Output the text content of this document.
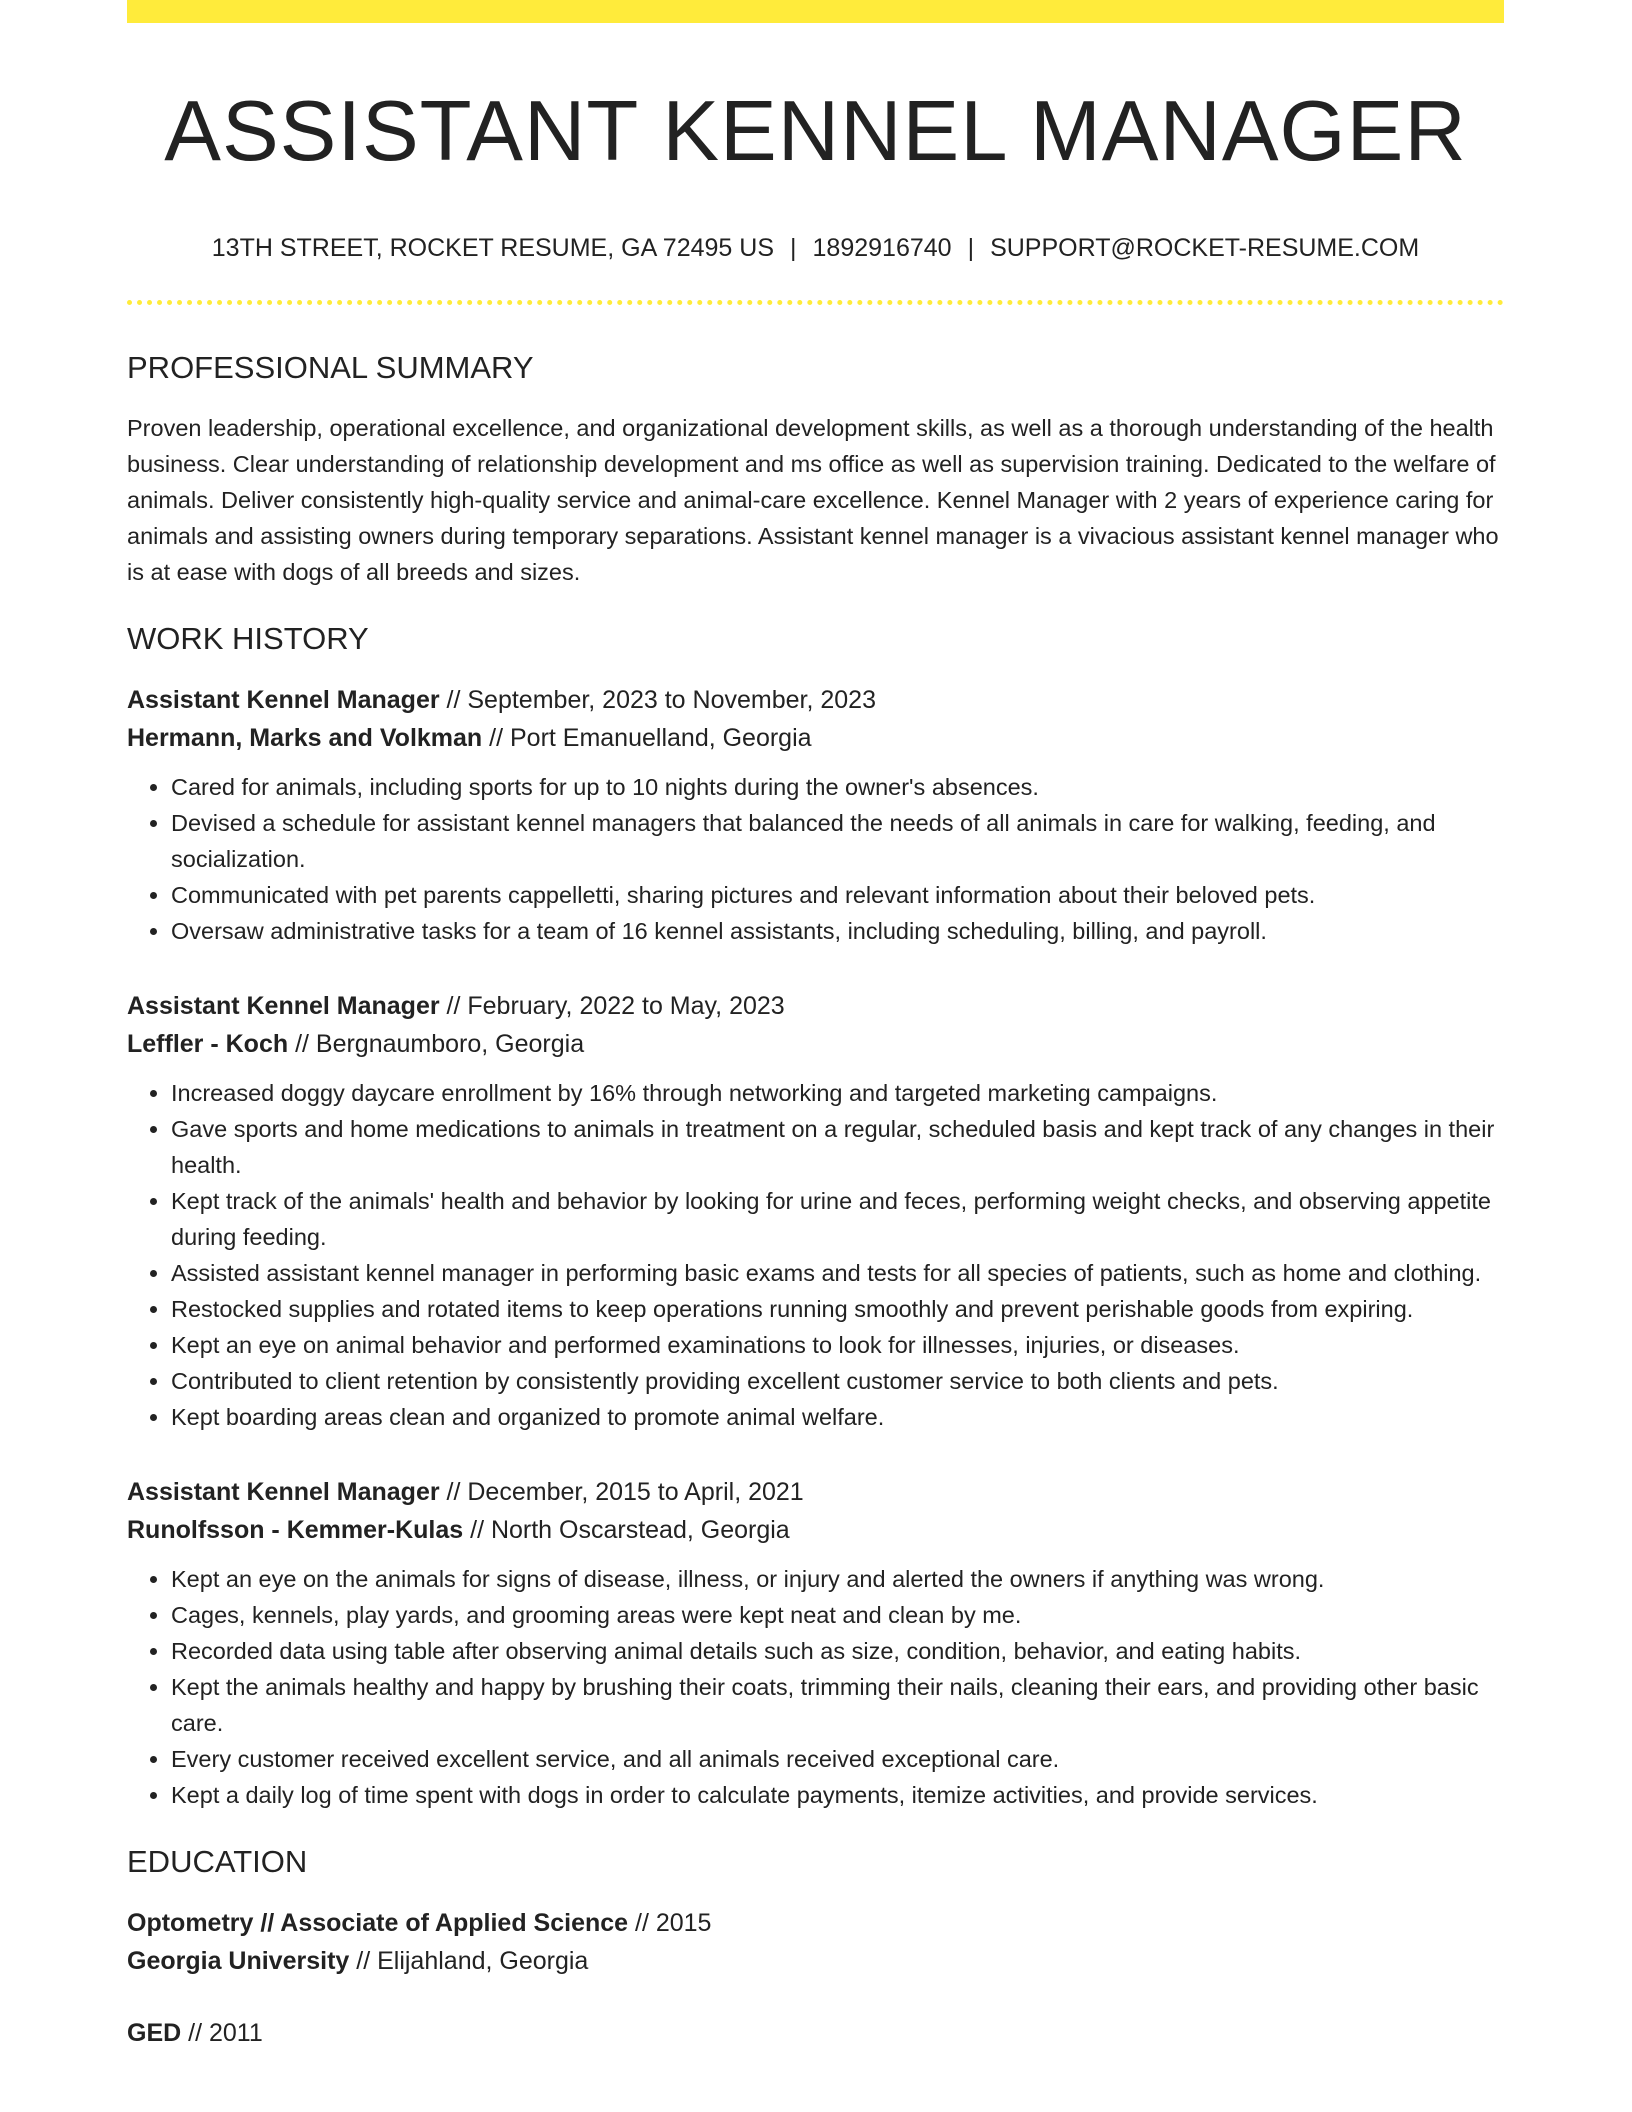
ASSISTANT KENNEL MANAGER
13TH STREET, ROCKET RESUME, GA 72495 US | 1892916740 | SUPPORT@ROCKET-RESUME.COM
PROFESSIONAL SUMMARY

Proven leadership, operational excellence, and organizational development skills, as well as a thorough understanding of the health business. Clear understanding of relationship development and ms office as well as supervision training. Dedicated to the welfare of animals. Deliver consistently high-quality service and animal-care excellence. Kennel Manager with 2 years of experience caring for animals and assisting owners during temporary separations. Assistant kennel manager is a vivacious assistant kennel manager who is at ease with dogs of all breeds and sizes.

WORK HISTORY
Assistant Kennel Manager // September, 2023 to November, 2023
Hermann, Marks and Volkman // Port Emanuelland, Georgia
• Cared for animals, including sports for up to 10 nights during the owner's absences.
• Devised a schedule for assistant kennel managers that balanced the needs of all animals in care for walking, feeding, and socialization.
• Communicated with pet parents cappelletti, sharing pictures and relevant information about their beloved pets.
• Oversaw administrative tasks for a team of 16 kennel assistants, including scheduling, billing, and payroll.
Assistant Kennel Manager // February, 2022 to May, 2023
Leffler - Koch // Bergnaumboro, Georgia
• Increased doggy daycare enrollment by 16% through networking and targeted marketing campaigns.
• Gave sports and home medications to animals in treatment on a regular, scheduled basis and kept track of any changes in their health.
• Kept track of the animals' health and behavior by looking for urine and feces, performing weight checks, and observing appetite during feeding.
• Assisted assistant kennel manager in performing basic exams and tests for all species of patients, such as home and clothing.
• Restocked supplies and rotated items to keep operations running smoothly and prevent perishable goods from expiring.
• Kept an eye on animal behavior and performed examinations to look for illnesses, injuries, or diseases.
• Contributed to client retention by consistently providing excellent customer service to both clients and pets.
• Kept boarding areas clean and organized to promote animal welfare.
Assistant Kennel Manager // December, 2015 to April, 2021
Runolfsson - Kemmer-Kulas // North Oscarstead, Georgia
• Kept an eye on the animals for signs of disease, illness, or injury and alerted the owners if anything was wrong.
• Cages, kennels, play yards, and grooming areas were kept neat and clean by me.
• Recorded data using table after observing animal details such as size, condition, behavior, and eating habits.
• Kept the animals healthy and happy by brushing their coats, trimming their nails, cleaning their ears, and providing other basic care.
• Every customer received excellent service, and all animals received exceptional care.
• Kept a daily log of time spent with dogs in order to calculate payments, itemize activities, and provide services.
EDUCATION
Optometry // Associate of Applied Science // 2015
Georgia University // Elijahland, Georgia
GED // 2011
